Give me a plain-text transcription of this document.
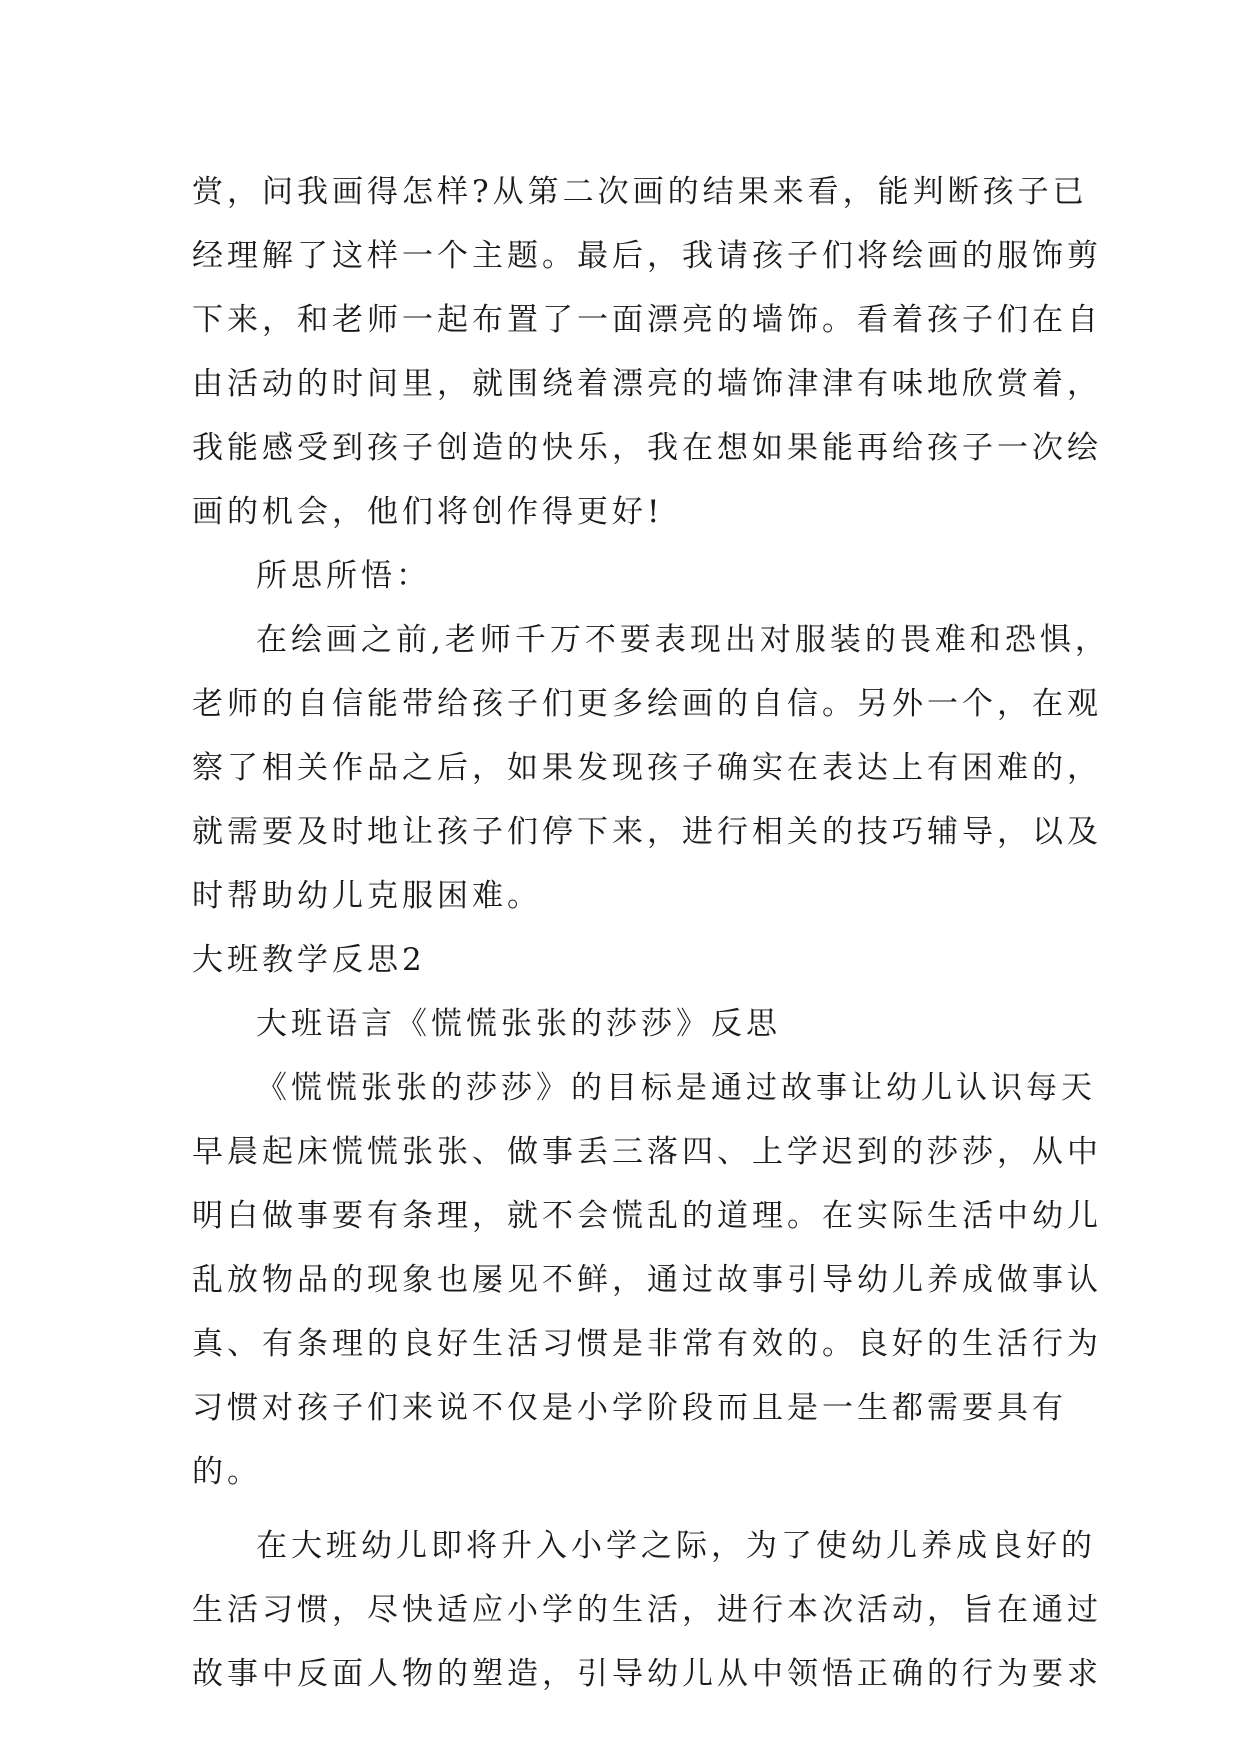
赏，问我画得怎样?从第二次画的结果来看，能判断孩子已
经理解了这样一个主题。最后，我请孩子们将绘画的服饰剪
下来，和老师一起布置了一面漂亮的墙饰。看着孩子们在自
由活动的时间里，就围绕着漂亮的墙饰津津有味地欣赏着，
我能感受到孩子创造的快乐，我在想如果能再给孩子一次绘
画的机会，他们将创作得更好!
所思所悟：
在绘画之前,老师千万不要表现出对服装的畏难和恐惧，
老师的自信能带给孩子们更多绘画的自信。另外一个，在观
察了相关作品之后，如果发现孩子确实在表达上有困难的，
就需要及时地让孩子们停下来，进行相关的技巧辅导，以及
时帮助幼儿克服困难。
大班教学反思2
大班语言《慌慌张张的莎莎》反思
《慌慌张张的莎莎》的目标是通过故事让幼儿认识每天
早晨起床慌慌张张、做事丢三落四、上学迟到的莎莎，从中
明白做事要有条理，就不会慌乱的道理。在实际生活中幼儿
乱放物品的现象也屡见不鲜，通过故事引导幼儿养成做事认
真、有条理的良好生活习惯是非常有效的。良好的生活行为
习惯对孩子们来说不仅是小学阶段而且是一生都需要具有
的。
在大班幼儿即将升入小学之际，为了使幼儿养成良好的
生活习惯，尽快适应小学的生活，进行本次活动，旨在通过
故事中反面人物的塑造，引导幼儿从中领悟正确的行为要求
